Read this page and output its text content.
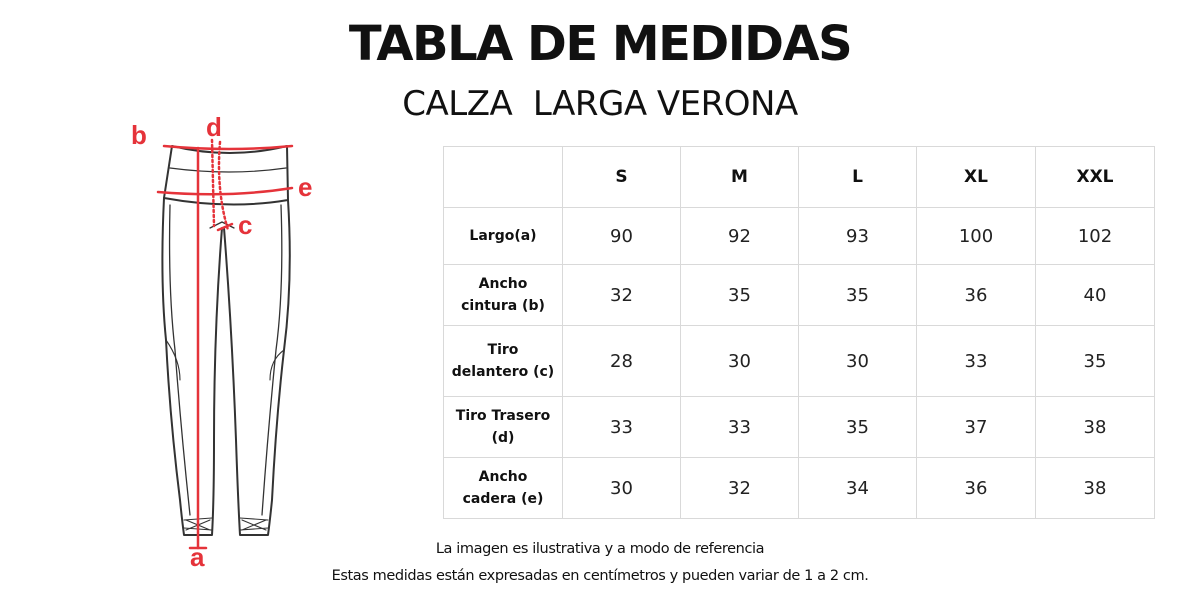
TABLA DE MEDIDAS
CALZA  LARGA VERONA
b d
e
c
a
	S	M	L	XL	XXL
Largo(a)	90	92	93	100	102
Ancho
cintura (b)	32	35	35	36	40
Tiro
delantero (c)	28	30	30	33	35
Tiro Trasero
(d)	33	33	35	37	38
Ancho
cadera (e)	30	32	34	36	38
La imagen es ilustrativa y a modo de referencia
Estas medidas están expresadas en centímetros y pueden variar de 1 a 2 cm.
